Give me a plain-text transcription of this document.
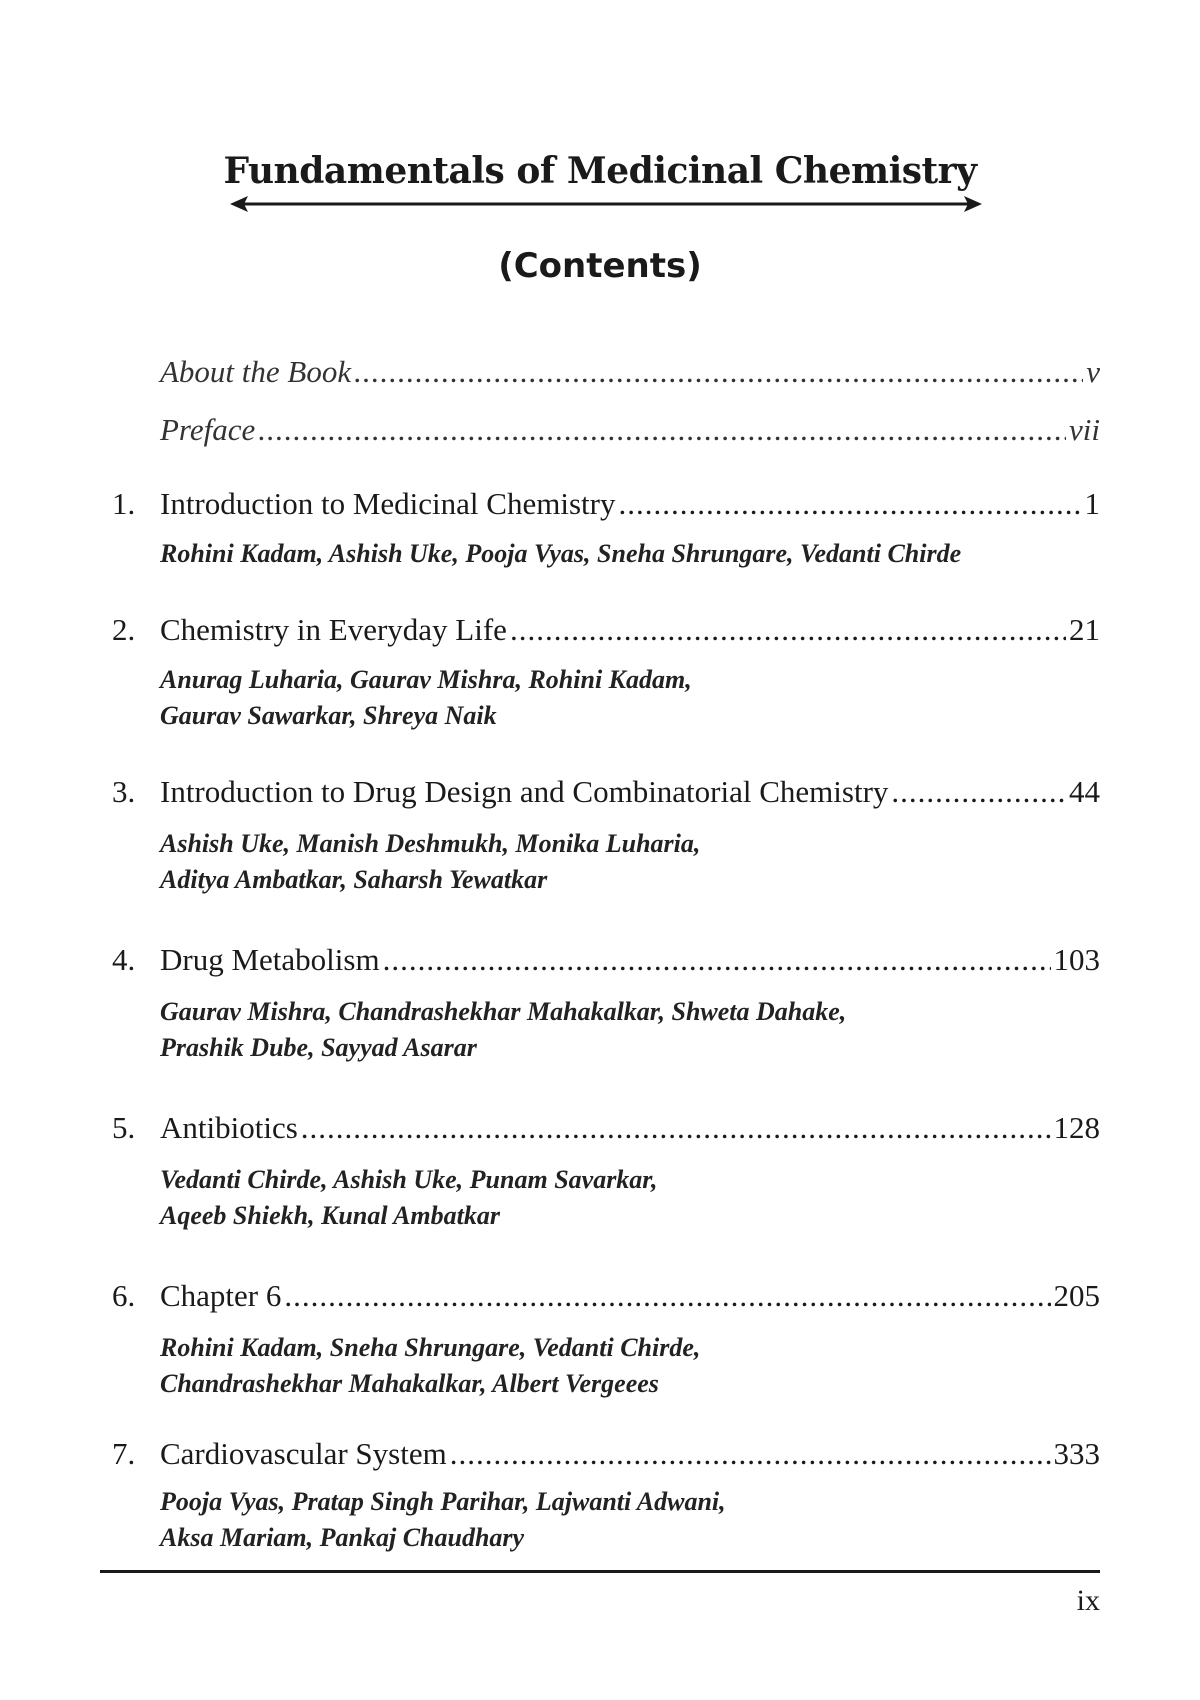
Fundamentals of Medicinal Chemistry
(Contents)
About the Book .....	v
Preface .....	vii
1. Introduction to Medicinal Chemistry .....	1
Rohini Kadam, Ashish Uke, Pooja Vyas, Sneha Shrungare, Vedanti Chirde
2. Chemistry in Everyday Life .....	21
Anurag Luharia, Gaurav Mishra, Rohini Kadam,
Gaurav Sawarkar, Shreya Naik
3. Introduction to Drug Design and Combinatorial Chemistry .....	44
Ashish Uke, Manish Deshmukh, Monika Luharia,
Aditya Ambatkar, Saharsh Yewatkar
4. Drug Metabolism .....	103
Gaurav Mishra, Chandrashekhar Mahakalkar, Shweta Dahake,
Prashik Dube, Sayyad Asarar
5. Antibiotics .....	128
Vedanti Chirde, Ashish Uke, Punam Savarkar,
Aqeeb Shiekh, Kunal Ambatkar
6. Chapter 6 .....	205
Rohini Kadam, Sneha Shrungare, Vedanti Chirde,
Chandrashekhar Mahakalkar, Albert Vergeees
7. Cardiovascular System .....	333
Pooja Vyas, Pratap Singh Parihar, Lajwanti Adwani,
Aksa Mariam, Pankaj Chaudhary
ix
